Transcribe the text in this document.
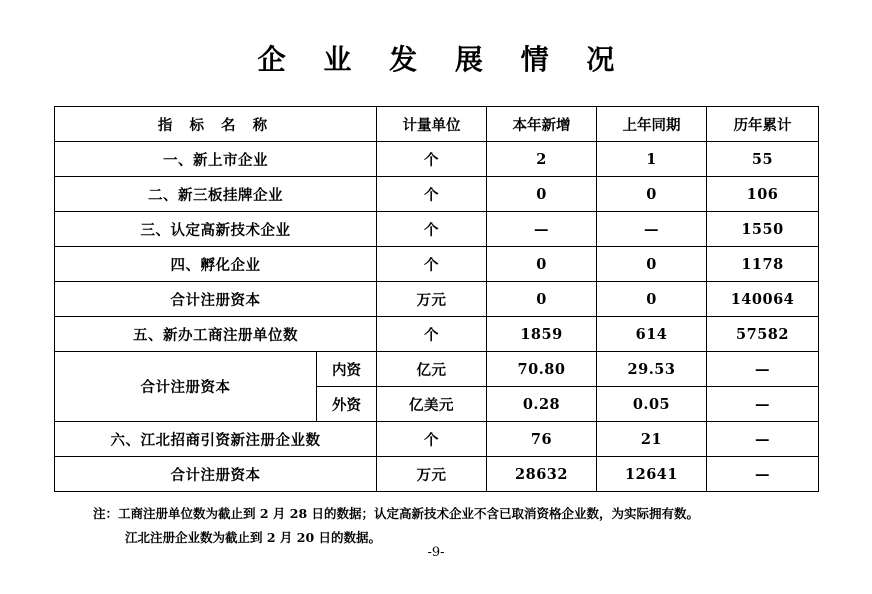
企 业 发 展 情 况
指 标 名 称		计量单位	本年新增	上年同期	历年累计
一、新上市企业		个	2	1	55
二、新三板挂牌企业		个	0	0	106
三、认定高新技术企业		个	—	—	1550
四、孵化企业		个	0	0	1178
合计注册资本		万元	0	0	140064
五、新办工商注册单位数		个	1859	614	57582
合计注册资本	内资	亿元	70.80	29.53	—
	外资	亿美元	0.28	0.05	—
六、江北招商引资新注册企业数		个	76	21	—
合计注册资本		万元	28632	12641	—
注：工商注册单位数为截止到 2 月 28 日的数据；认定高新技术企业不含已取消资格企业数，为实际拥有数。
江北注册企业数为截止到 2 月 20 日的数据。
-9-
